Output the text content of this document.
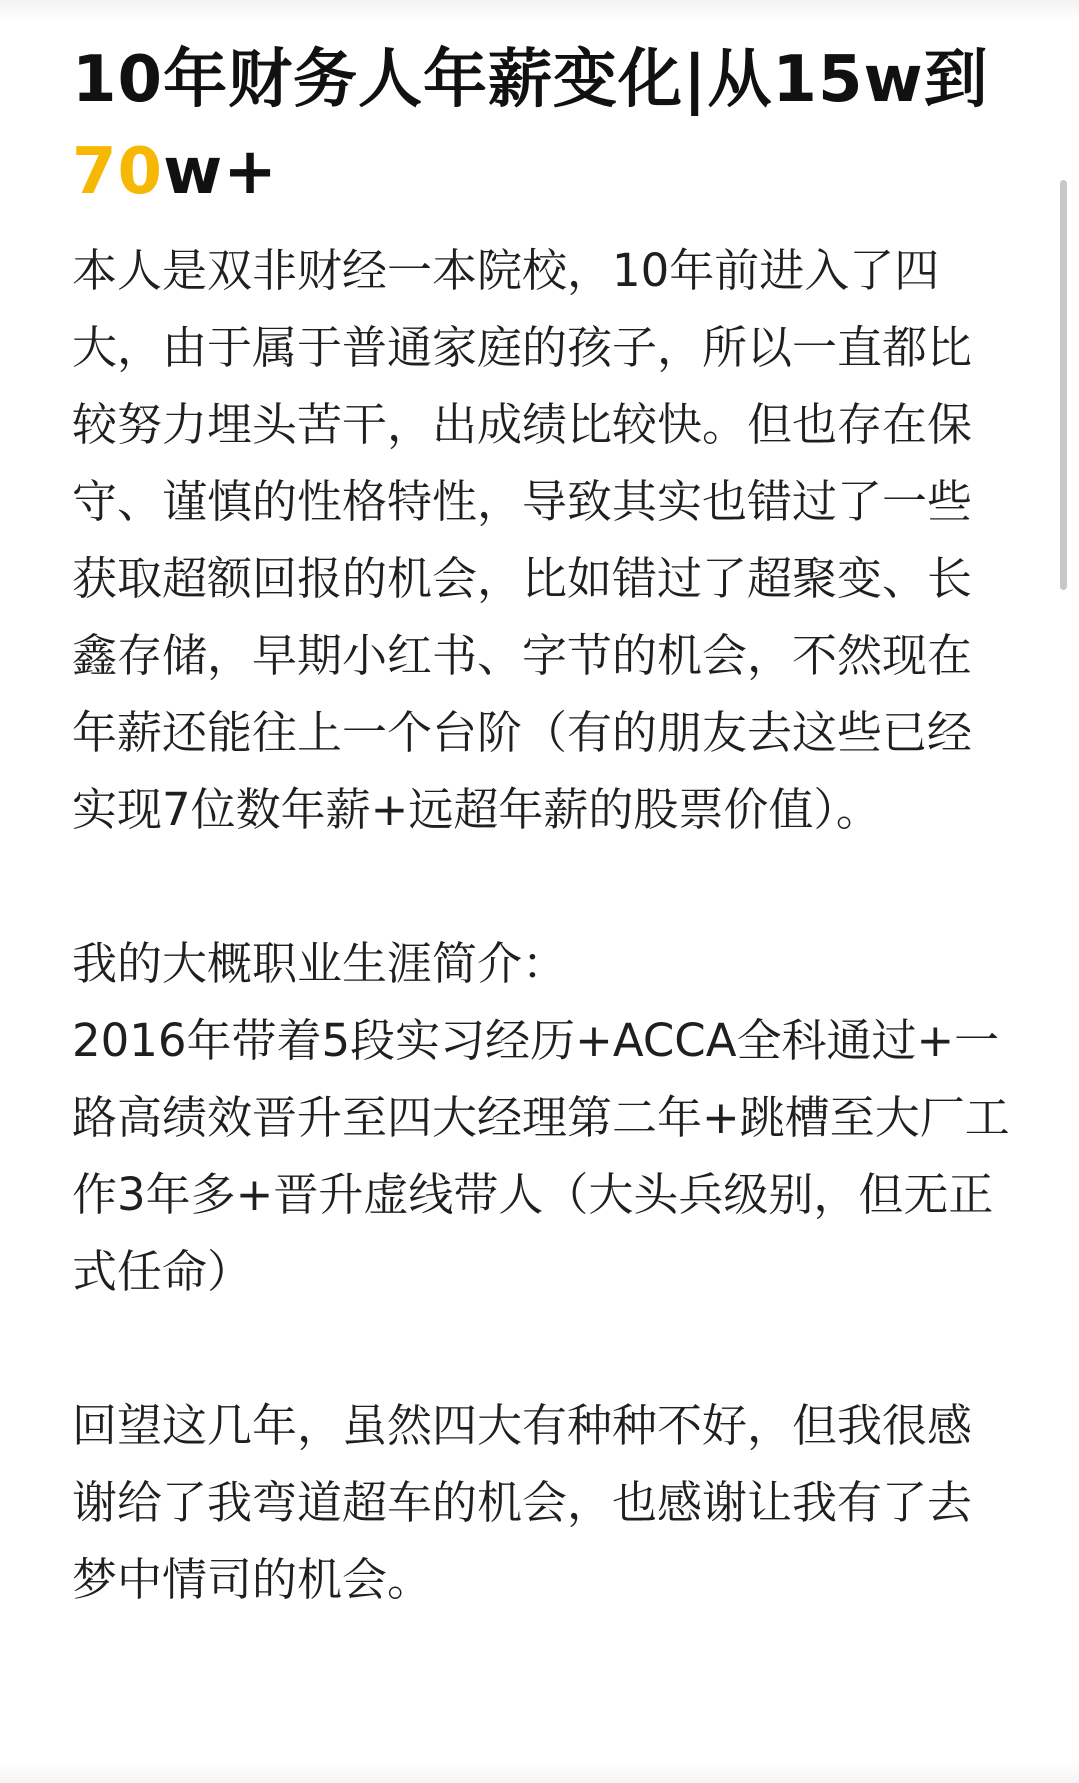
10年财务人年薪变化|从15w到70w+

本人是双非财经一本院校，10年前进入了四大，由于属于普通家庭的孩子，所以一直都比较努力埋头苦干，出成绩比较快。但也存在保守、谨慎的性格特性，导致其实也错过了一些获取超额回报的机会，比如错过了超聚变、长鑫存储，早期小红书、字节的机会，不然现在年薪还能往上一个台阶（有的朋友去这些已经实现7位数年薪+远超年薪的股票价值）。

我的大概职业生涯简介：

2016年带着5段实习经历+ACCA全科通过+一路高绩效晋升至四大经理第二年+跳槽至大厂工作3年多+晋升虚线带人（大头兵级别，但无正式任命）

回望这几年，虽然四大有种种不好，但我很感谢给了我弯道超车的机会，也感谢让我有了去梦中情司的机会。
